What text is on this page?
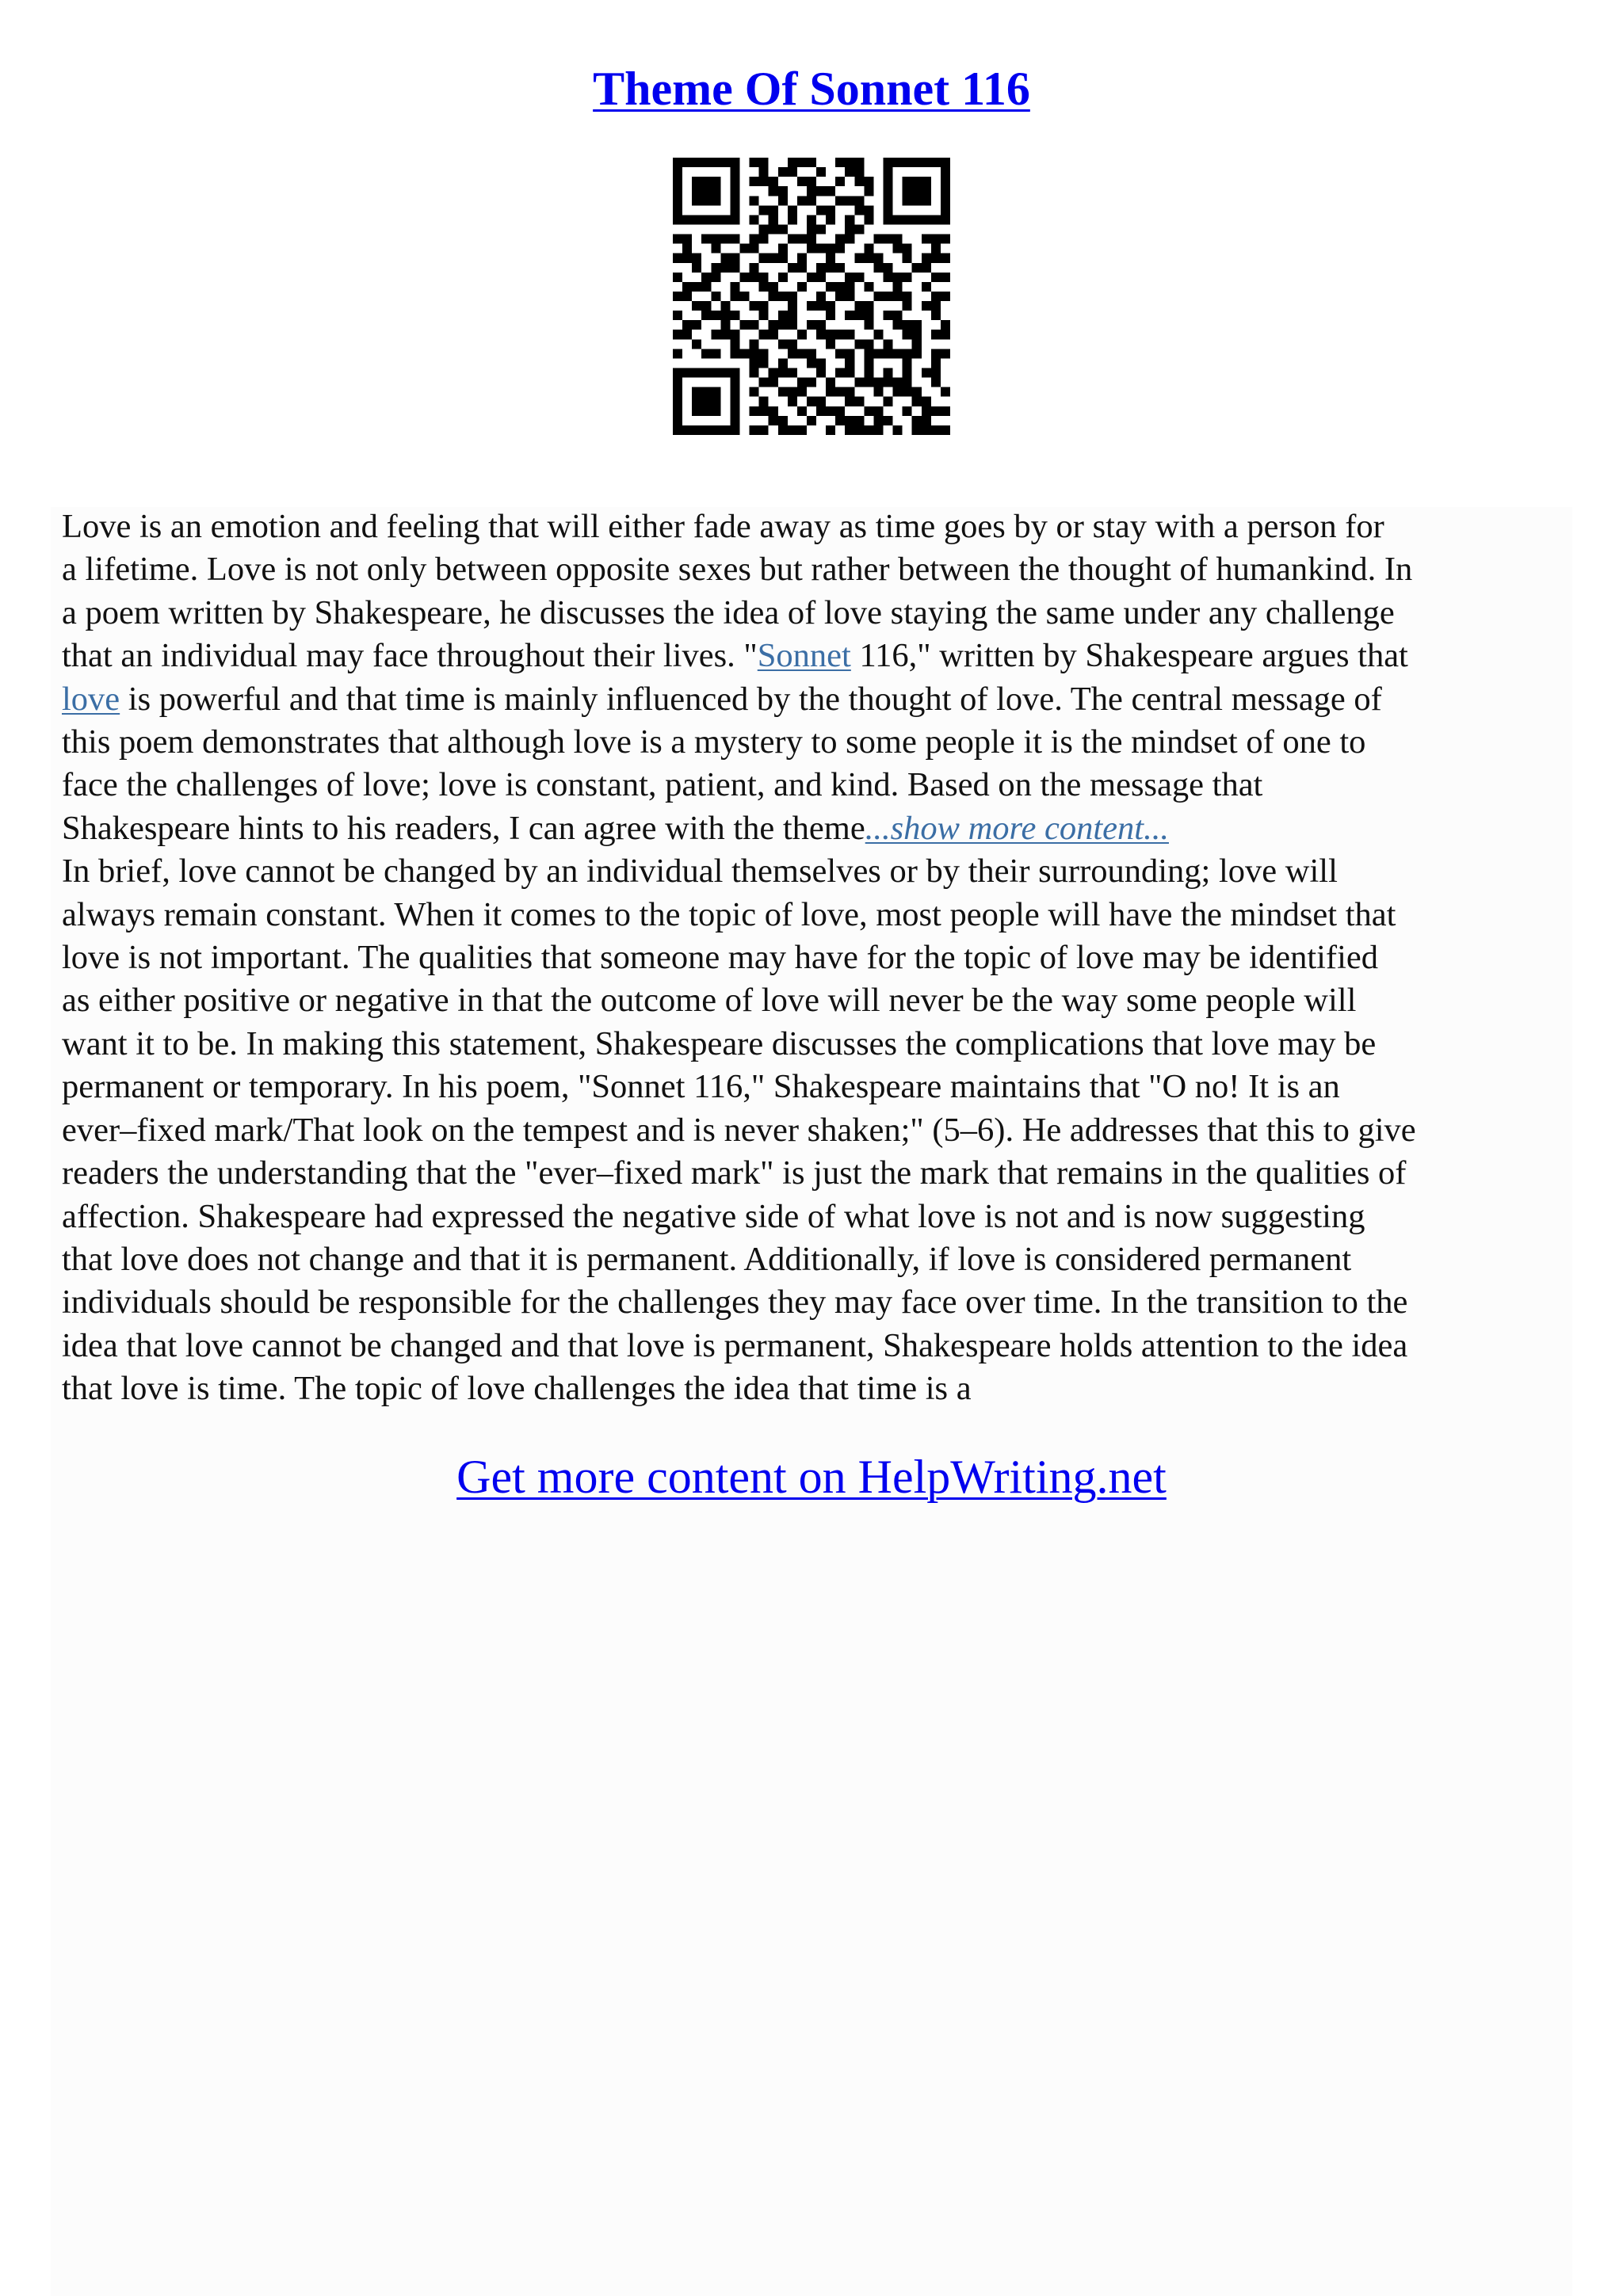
Theme Of Sonnet 116
Love is an emotion and feeling that will either fade away as time goes by or stay with a person for
a lifetime. Love is not only between opposite sexes but rather between the thought of humankind. In
a poem written by Shakespeare, he discusses the idea of love staying the same under any challenge
that an individual may face throughout their lives. "Sonnet 116," written by Shakespeare argues that
love is powerful and that time is mainly influenced by the thought of love. The central message of
this poem demonstrates that although love is a mystery to some people it is the mindset of one to
face the challenges of love; love is constant, patient, and kind. Based on the message that
Shakespeare hints to his readers, I can agree with the theme...show more content...
In brief, love cannot be changed by an individual themselves or by their surrounding; love will
always remain constant. When it comes to the topic of love, most people will have the mindset that
love is not important. The qualities that someone may have for the topic of love may be identified
as either positive or negative in that the outcome of love will never be the way some people will
want it to be. In making this statement, Shakespeare discusses the complications that love may be
permanent or temporary. In his poem, "Sonnet 116," Shakespeare maintains that "O no! It is an
ever–fixed mark/That look on the tempest and is never shaken;" (5–6). He addresses that this to give
readers the understanding that the "ever–fixed mark" is just the mark that remains in the qualities of
affection. Shakespeare had expressed the negative side of what love is not and is now suggesting
that love does not change and that it is permanent. Additionally, if love is considered permanent
individuals should be responsible for the challenges they may face over time. In the transition to the
idea that love cannot be changed and that love is permanent, Shakespeare holds attention to the idea
that love is time. The topic of love challenges the idea that time is a
Get more content on HelpWriting.net
